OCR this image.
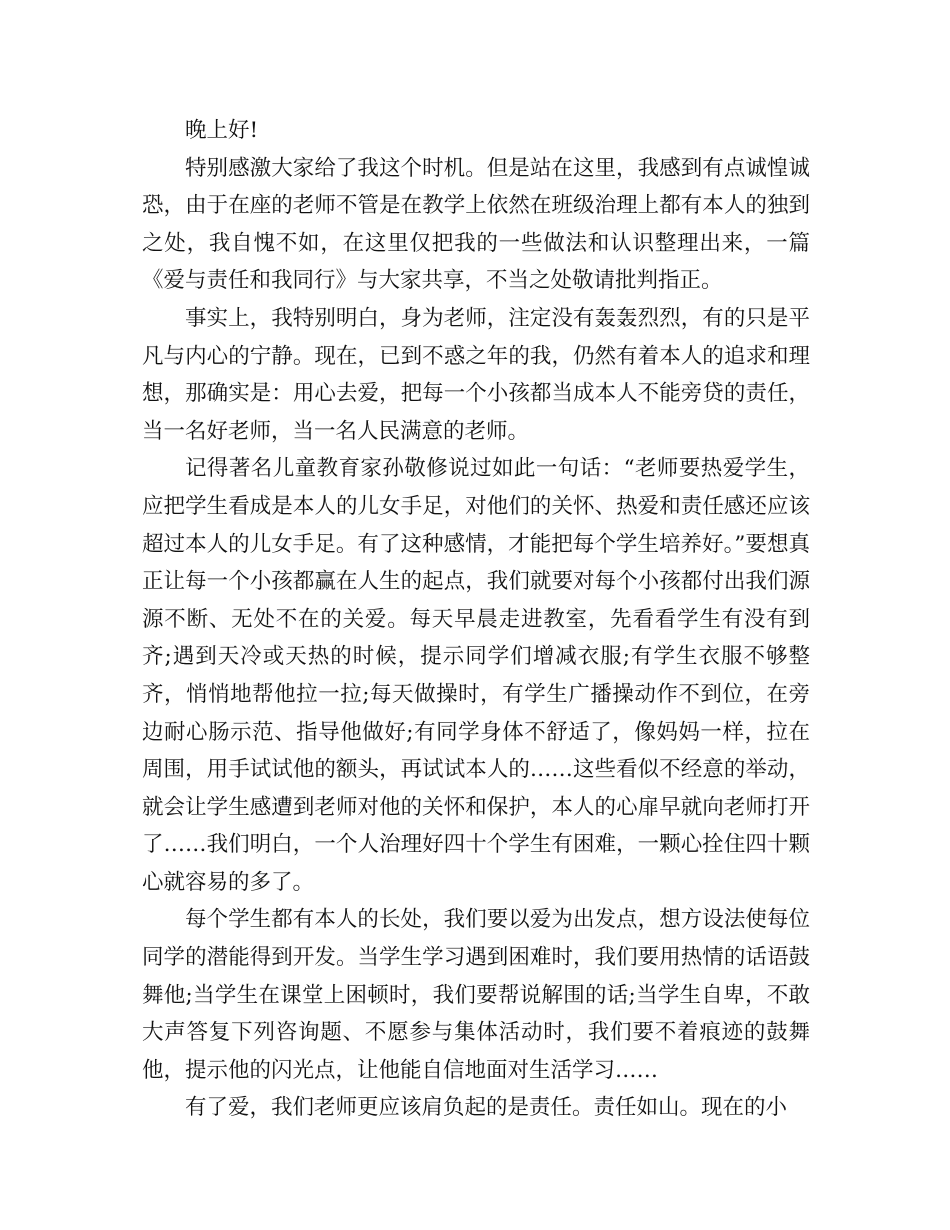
晚上好!

特别感激大家给了我这个时机。但是站在这里，我感到有点诚惶诚恐，由于在座的老师不管是在教学上依然在班级治理上都有本人的独到之处，我自愧不如，在这里仅把我的一些做法和认识整理出来，一篇《爱与责任和我同行》与大家共享，不当之处敬请批判指正。

事实上，我特别明白，身为老师，注定没有轰轰烈烈，有的只是平凡与内心的宁静。现在，已到不惑之年的我，仍然有着本人的追求和理想，那确实是：用心去爱，把每一个小孩都当成本人不能旁贷的责任，当一名好老师，当一名人民满意的老师。

记得著名儿童教育家孙敬修说过如此一句话：“老师要热爱学生，应把学生看成是本人的儿女手足，对他们的关怀、热爱和责任感还应该超过本人的儿女手足。有了这种感情，才能把每个学生培养好。”要想真正让每一个小孩都赢在人生的起点，我们就要对每个小孩都付出我们源源不断、无处不在的关爱。每天早晨走进教室，先看看学生有没有到齐;遇到天冷或天热的时候，提示同学们增减衣服;有学生衣服不够整齐，悄悄地帮他拉一拉;每天做操时，有学生广播操动作不到位，在旁边耐心肠示范、指导他做好;有同学身体不舒适了，像妈妈一样，拉在周围，用手试试他的额头，再试试本人的……这些看似不经意的举动，就会让学生感遭到老师对他的关怀和保护，本人的心扉早就向老师打开了……我们明白，一个人治理好四十个学生有困难，一颗心拴住四十颗心就容易的多了。

每个学生都有本人的长处，我们要以爱为出发点，想方设法使每位同学的潜能得到开发。当学生学习遇到困难时，我们要用热情的话语鼓舞他;当学生在课堂上困顿时，我们要帮说解围的话;当学生自卑，不敢大声答复下列咨询题、不愿参与集体活动时，我们要不着痕迹的鼓舞他，提示他的闪光点，让他能自信地面对生活学习……

有了爱，我们老师更应该肩负起的是责任。责任如山。现在的小
